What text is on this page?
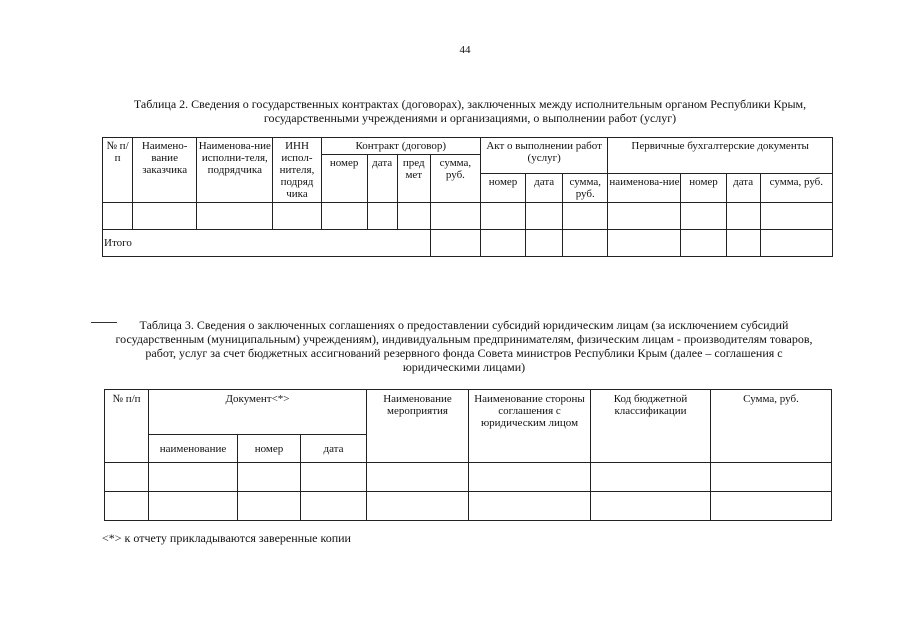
44
Таблица 2. Сведения о государственных контрактах (договорах), заключенных между исполнительным органом Республики Крым,
государственными учреждениями и организациями, о выполнении работ (услуг)
№ п/п	Наимено-вание заказчика	Наименова-ние исполни-теля, подрядчика	ИНН испол-нителя, подряд чика	Контракт (договор)				Акт о выполнении работ (услуг)			Первичные бухгалтерские документы			
				номер	дата	пред мет	сумма, руб.							
								номер	дата	сумма, руб.	наименова-ние	номер	дата	сумма, руб.

Итого														
Таблица 3. Сведения о заключенных соглашениях о предоставлении субсидий юридическим лицам (за исключением субсидий
государственным (муниципальным) учреждениям), индивидуальным предпринимателям, физическим лицам - производителям товаров,
работ, услуг за счет бюджетных ассигнований резервного фонда Совета министров Республики Крым (далее – соглашения с
юридическими лицами)
№ п/п	Документ<*>			Наименование мероприятия	Наименование стороны соглашения с юридическим лицом	Код бюджетной классификации	Сумма, руб.
	наименование	номер	дата				

<*> к отчету прикладываются заверенные копии
